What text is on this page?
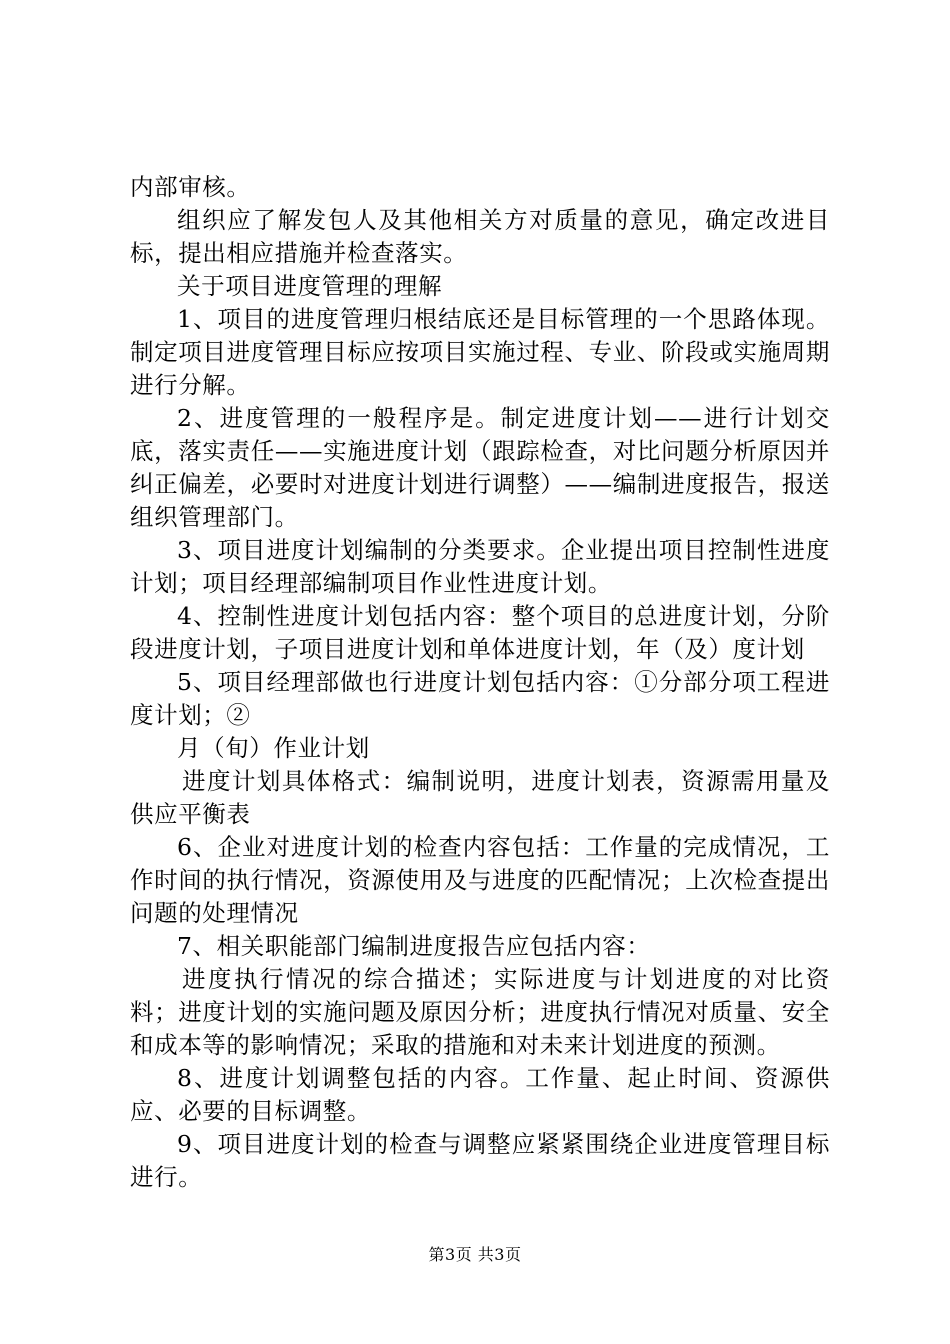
内部审核。

组织应了解发包人及其他相关方对质量的意见，确定改进目标，提出相应措施并检查落实。

关于项目进度管理的理解

1、项目的进度管理归根结底还是目标管理的一个思路体现。制定项目进度管理目标应按项目实施过程、专业、阶段或实施周期进行分解。

2、进度管理的一般程序是。制定进度计划——进行计划交底，落实责任——实施进度计划（跟踪检查，对比问题分析原因并纠正偏差，必要时对进度计划进行调整）——编制进度报告，报送组织管理部门。

3、项目进度计划编制的分类要求。企业提出项目控制性进度计划；项目经理部编制项目作业性进度计划。

4、控制性进度计划包括内容：整个项目的总进度计划，分阶段进度计划，子项目进度计划和单体进度计划，年（及）度计划

5、项目经理部做也行进度计划包括内容：①分部分项工程进度计划；②

月（旬）作业计划

进度计划具体格式：编制说明，进度计划表，资源需用量及供应平衡表

6、企业对进度计划的检查内容包括：工作量的完成情况，工作时间的执行情况，资源使用及与进度的匹配情况；上次检查提出问题的处理情况

7、相关职能部门编制进度报告应包括内容：

进度执行情况的综合描述；实际进度与计划进度的对比资料；进度计划的实施问题及原因分析；进度执行情况对质量、安全和成本等的影响情况；采取的措施和对未来计划进度的预测。

8、进度计划调整包括的内容。工作量、起止时间、资源供应、必要的目标调整。

9、项目进度计划的检查与调整应紧紧围绕企业进度管理目标进行。

第3页 共3页
